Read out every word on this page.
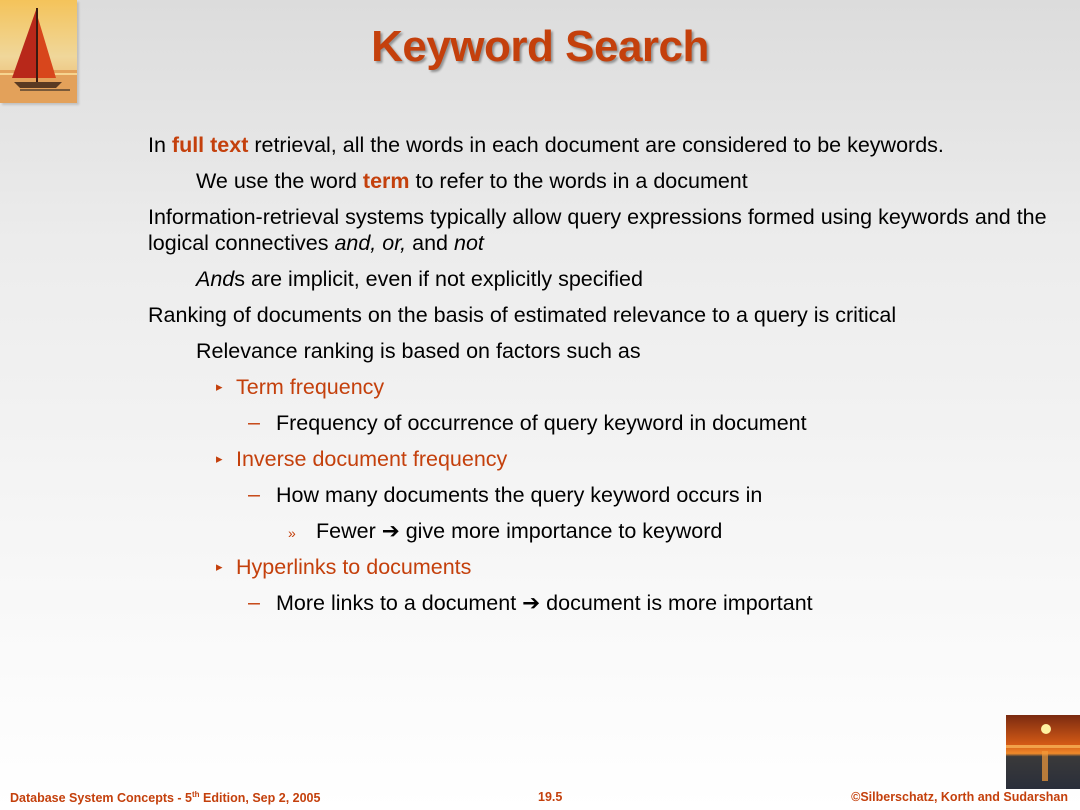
Keyword Search
In full text retrieval, all the words in each document are considered to be keywords.
We use the word term to refer to the words in a document
Information-retrieval systems typically allow query expressions formed using keywords and the logical connectives and, or, and not
Ands are implicit, even if not explicitly specified
Ranking of documents on the basis of estimated relevance to a query is critical
Relevance ranking is based on factors such as
▸ Term frequency
– Frequency of occurrence of query keyword in document
▸ Inverse document frequency
– How many documents the query keyword occurs in
» Fewer ➔ give more importance to keyword
▸ Hyperlinks to documents
– More links to a document ➔ document is more important
Database System Concepts - 5th Edition, Sep 2, 2005	19.5	©Silberschatz, Korth and Sudarshan
